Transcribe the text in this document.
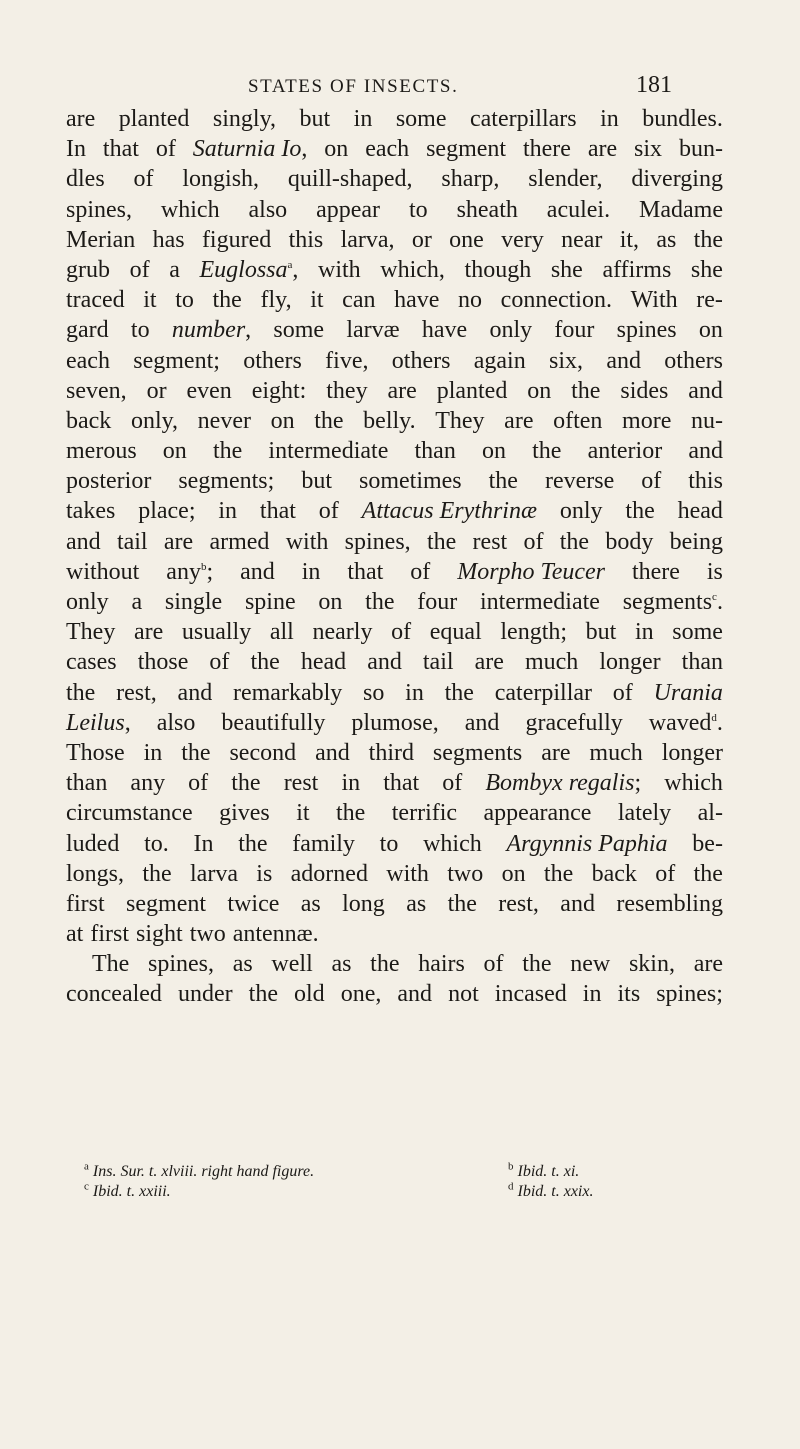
STATES OF INSECTS.	181
are planted singly, but in some caterpillars in bundles.
In that of Saturnia Io, on each segment there are six bun-
dles of longish, quill-shaped, sharp, slender, diverging
spines, which also appear to sheath aculei. Madame
Merian has figured this larva, or one very near it, as the
grub of a Euglossa$^a$, with which, though she affirms she
traced it to the fly, it can have no connection. With re-
gard to number, some larvæ have only four spines on
each segment; others five, others again six, and others
seven, or even eight: they are planted on the sides and
back only, never on the belly. They are often more nu-
merous on the intermediate than on the anterior and
posterior segments; but sometimes the reverse of this
takes place; in that of Attacus Erythrinæ only the head
and tail are armed with spines, the rest of the body being
without any$^b$; and in that of Morpho Teucer there is
only a single spine on the four intermediate segments$^c$.
They are usually all nearly of equal length; but in some
cases those of the head and tail are much longer than
the rest, and remarkably so in the caterpillar of Urania
Leilus, also beautifully plumose, and gracefully waved$^d$.
Those in the second and third segments are much longer
than any of the rest in that of Bombyx regalis; which
circumstance gives it the terrific appearance lately al-
luded to. In the family to which Argynnis Paphia be-
longs, the larva is adorned with two on the back of the
first segment twice as long as the rest, and resembling
at first sight two antennæ.
The spines, as well as the hairs of the new skin, are
concealed under the old one, and not incased in its spines;
$^a$ Ins. Sur. t. xlviii. right hand figure.	$^b$ Ibid. t. xi.
$^c$ Ibid. t. xxiii.	$^d$ Ibid. t. xxix.
